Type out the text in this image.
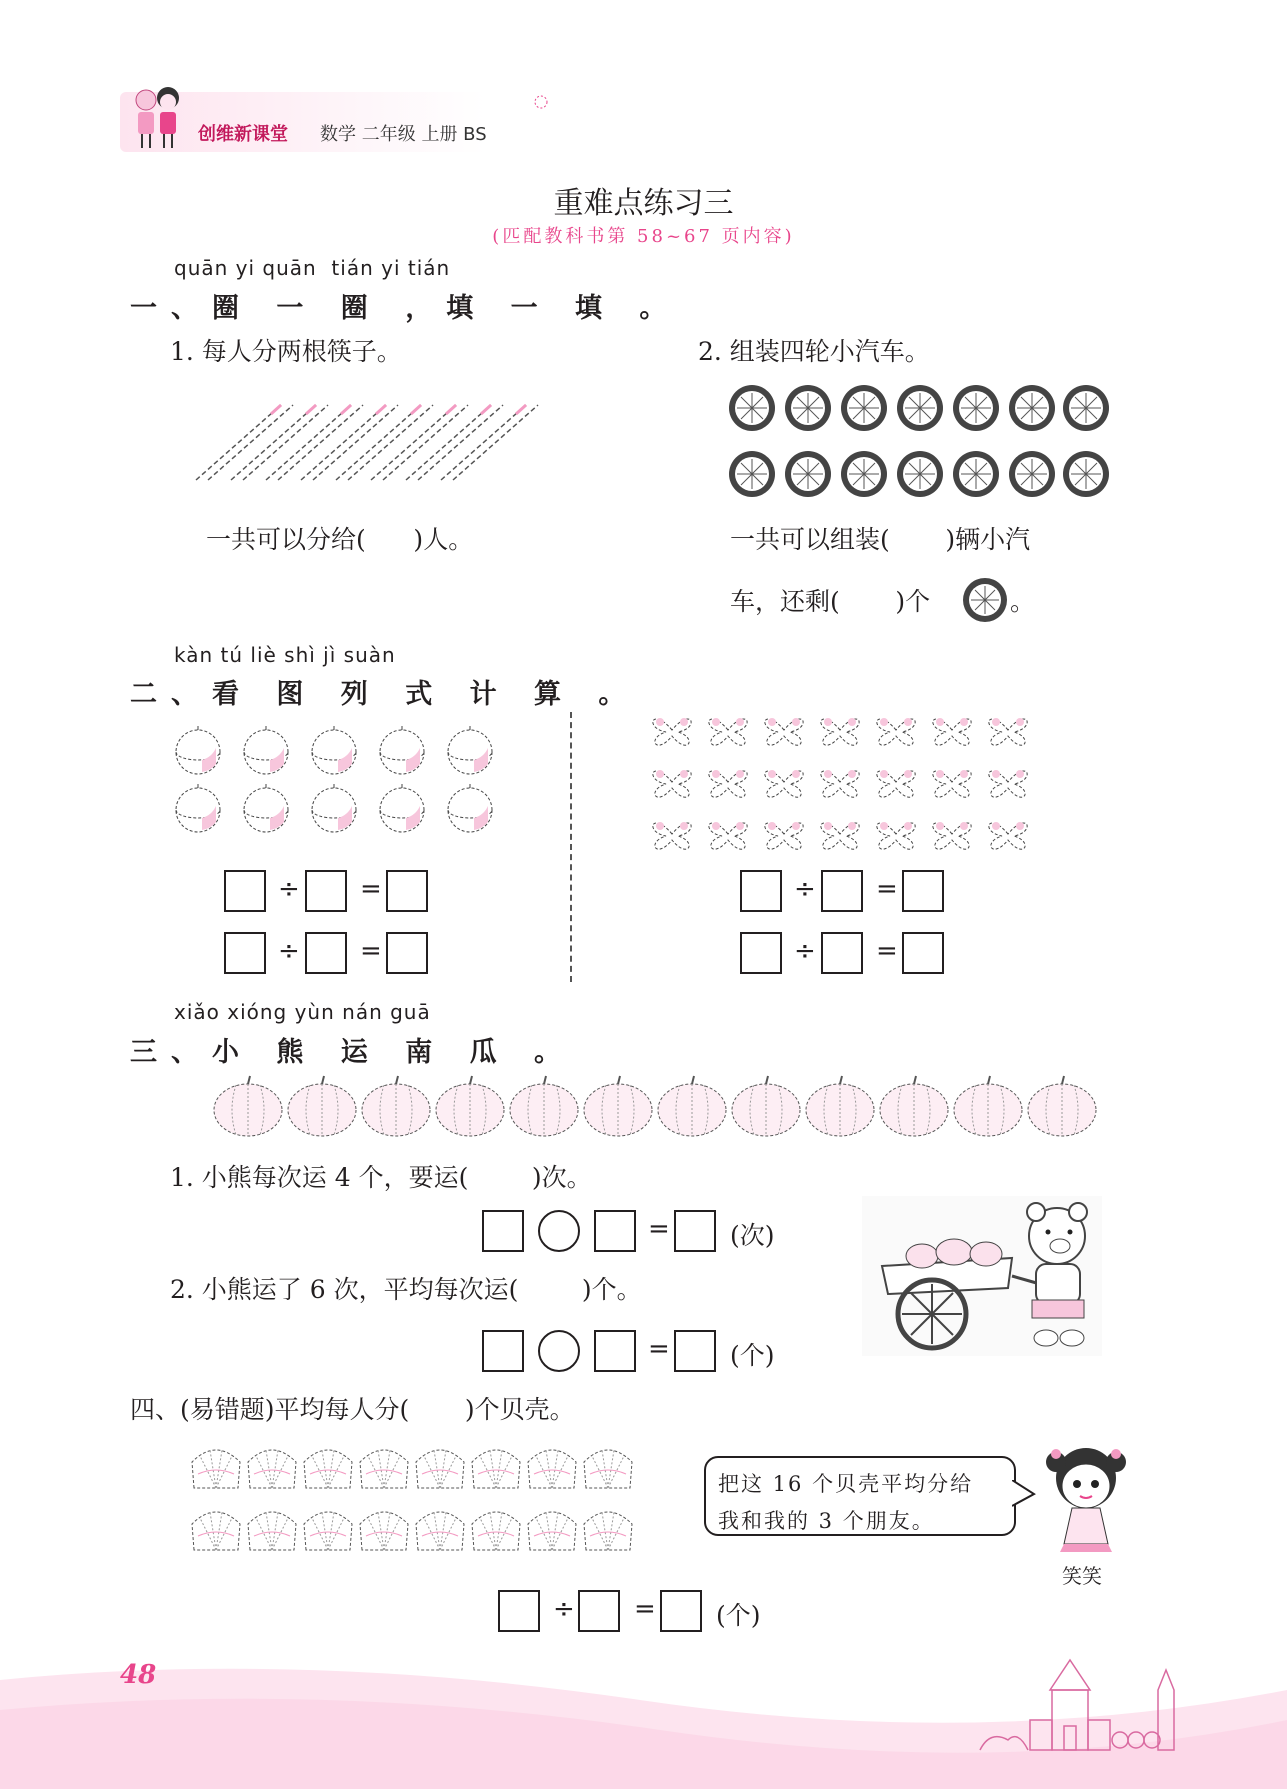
创维新课堂 数学 二年级 上册 BS
重难点练习三
(匹配教科书第 58~67 页内容)
quān yi quān  tián yi tián
一、圈 一 圈 ，填 一 填 。
1. 每人分两根筷子。
一共可以分给(      )人。
2. 组装四轮小汽车。
一共可以组装(       )辆小汽
车，还剩(       )个	。
kàn tú liè shì jì suàn
二、看 图 列 式 计 算 。
÷ =
÷ =
÷ =
÷ =
xiǎo xióng yùn nán guā
三、小 熊 运 南 瓜 。
1. 小熊每次运 4 个，要运(        )次。
= (次)
2. 小熊运了 6 次，平均每次运(        )个。
= (个)
四、(易错题)平均每人分(       )个贝壳。
把这 16 个贝壳平均分给
我和我的 3 个朋友。
笑笑
÷ = (个)
48
